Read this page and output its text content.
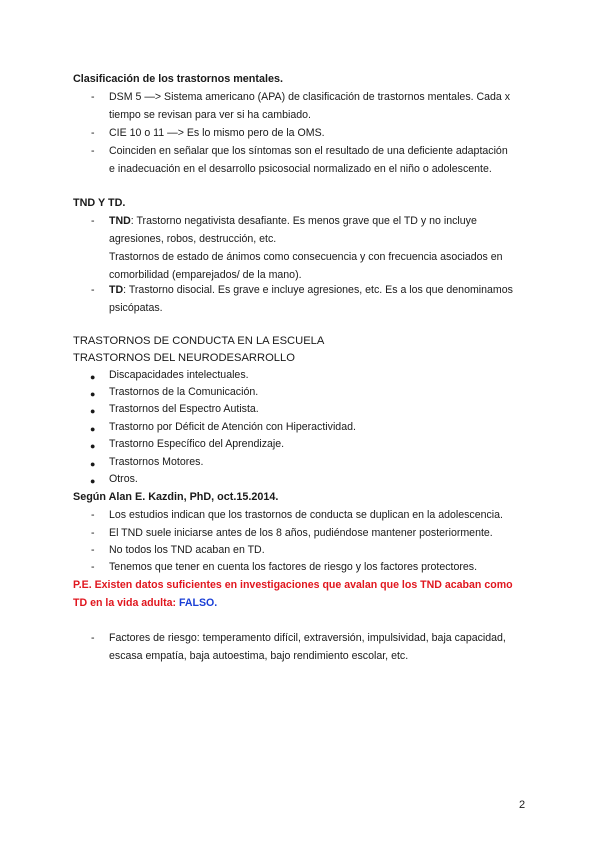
Clasificación de los trastornos mentales.
-	DSM 5 —> Sistema americano (APA) de clasificación de trastornos mentales. Cada x
tiempo se revisan para ver si ha cambiado.
-	CIE 10 o 11 —> Es lo mismo pero de la OMS.
-	Coinciden en señalar que los síntomas son el resultado de una deficiente adaptación
e inadecuación en el desarrollo psicosocial normalizado en el niño o adolescente.
TND Y TD.
-	TND: Trastorno negativista desafiante. Es menos grave que el TD y no incluye
agresiones, robos, destrucción, etc.
Trastornos de estado de ánimos como consecuencia y con frecuencia asociados en
comorbilidad (emparejados/ de la mano).
-	TD: Trastorno disocial. Es grave e incluye agresiones, etc. Es a los que denominamos
psicópatas.
TRASTORNOS DE CONDUCTA EN LA ESCUELA
TRASTORNOS DEL NEURODESARROLLO
● Discapacidades intelectuales.
● Trastornos de la Comunicación.
● Trastornos del Espectro Autista.
● Trastorno por Déficit de Atención con Hiperactividad.
● Trastorno Específico del Aprendizaje.
● Trastornos Motores.
● Otros.
Según Alan E. Kazdin, PhD, oct.15.2014.
-	Los estudios indican que los trastornos de conducta se duplican en la adolescencia.
-	El TND suele iniciarse antes de los 8 años, pudiéndose mantener posteriormente.
-	No todos los TND acaban en TD.
-	Tenemos que tener en cuenta los factores de riesgo y los factores protectores.
P.E. Existen datos suficientes en investigaciones que avalan que los TND acaban como
TD en la vida adulta: FALSO.
-	Factores de riesgo: temperamento difícil, extraversión, impulsividad, baja capacidad,
escasa empatía, baja autoestima, bajo rendimiento escolar, etc.
2
